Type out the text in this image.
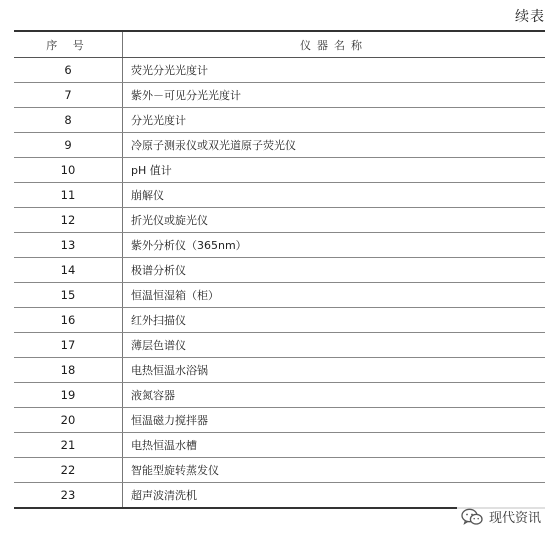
续表
序 号	仪器名称
6	荧光分光光度计
7	紫外－可见分光光度计
8	分光光度计
9	冷原子测汞仪或双光道原子荧光仪
10	pH 值计
11	崩解仪
12	折光仪或旋光仪
13	紫外分析仪（365nm）
14	极谱分析仪
15	恒温恒湿箱（柜）
16	红外扫描仪
17	薄层色谱仪
18	电热恒温水浴锅
19	液氮容器
20	恒温磁力搅拌器
21	电热恒温水槽
22	智能型旋转蒸发仪
23	超声波清洗机
现代资讯
